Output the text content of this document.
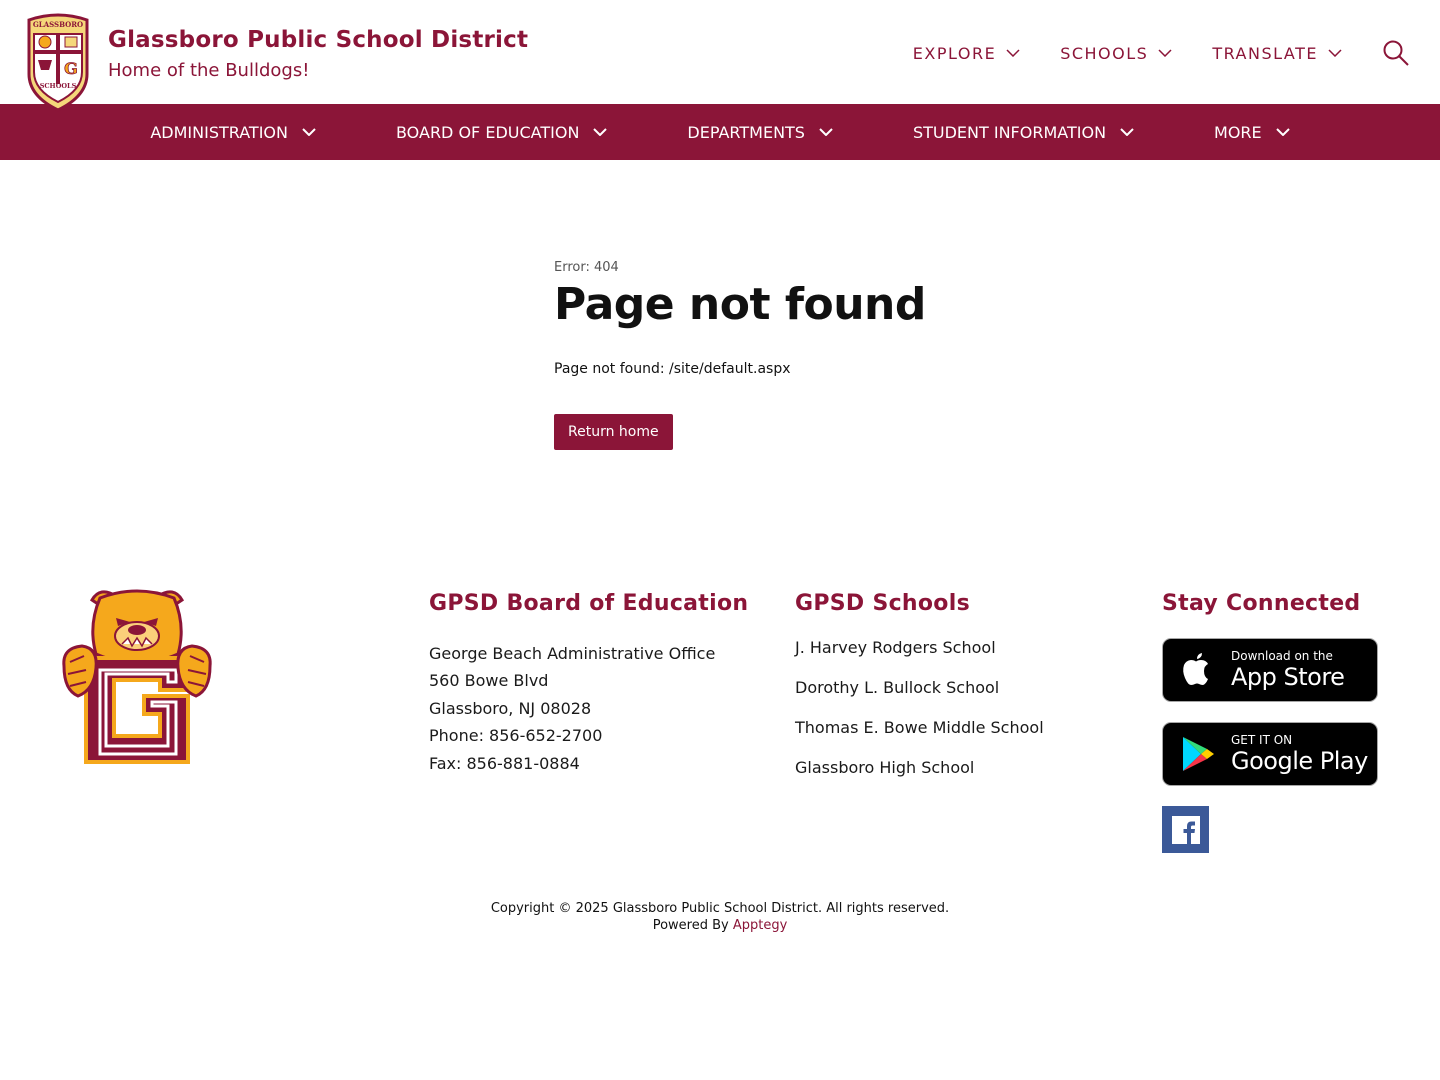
G
GLASSBORO
SCHOOLS
Glassboro Public School District
Home of the Bulldogs!
EXPLORE	SCHOOLS	TRANSLATE
ADMINISTRATION	BOARD OF EDUCATION	DEPARTMENTS	STUDENT INFORMATION	MORE
Error: 404
Page not found
Page not found: /site/default.aspx
Return home
GPSD Board of Education
George Beach Administrative Office
560 Bowe Blvd
Glassboro, NJ 08028
Phone: 856-652-2700
Fax: 856-881-0884
GPSD Schools
J. Harvey Rodgers School
Dorothy L. Bullock School
Thomas E. Bowe Middle School
Glassboro High School
Stay Connected
Download on the
App Store
GET IT ON
Google Play
Copyright © 2025 Glassboro Public School District. All rights reserved.
Powered By Apptegy
